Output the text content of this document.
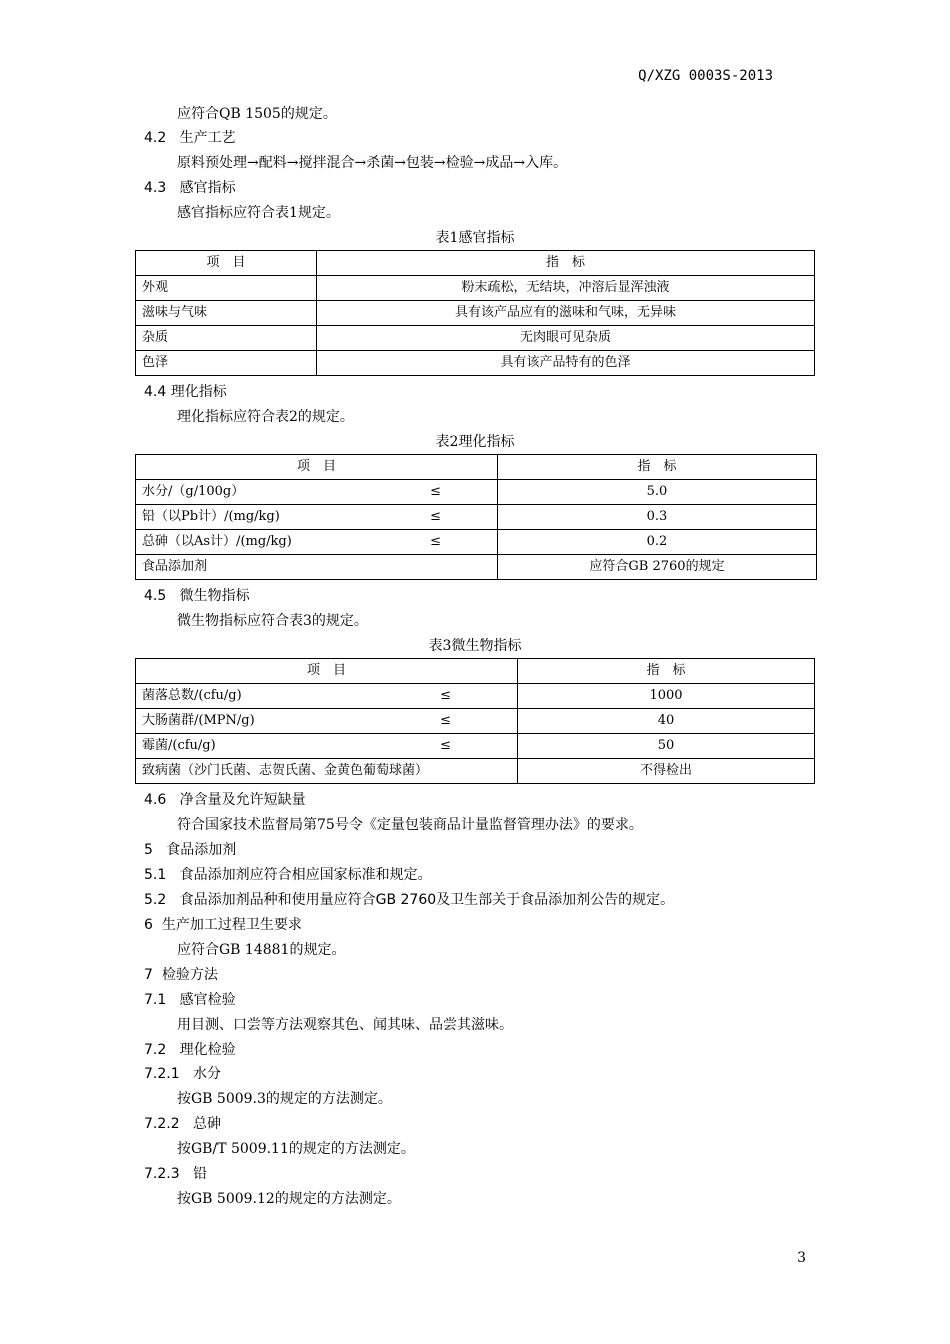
Q/XZG 0003S-2013
应符合QB 1505的规定。
4.2 生产工艺
原料预处理→配料→搅拌混合→杀菌→包装→检验→成品→入库。
4.3 感官指标
感官指标应符合表1规定。
表1感官指标
项　目	指　标
外观	粉末疏松，无结块，冲溶后显浑浊液
滋味与气味	具有该产品应有的滋味和气味，无异味
杂质	无肉眼可见杂质
色泽	具有该产品特有的色泽
4.4 理化指标
理化指标应符合表2的规定。
表2理化指标
项　目	指　标

水分/（g/100g） ≤	5.0

铅（以Pb计）/(mg/kg) ≤	0.3

总砷（以As计）/(mg/kg) ≤	0.2
食品添加剂	应符合GB 2760的规定
4.5 微生物指标
微生物指标应符合表3的规定。
表3微生物指标
项　目	指　标

菌落总数/(cfu/g) ≤	1000

大肠菌群/(MPN/g) ≤	40

霉菌/(cfu/g) ≤	50
致病菌（沙门氏菌、志贺氏菌、金黄色葡萄球菌）	不得检出
4.6 净含量及允许短缺量
符合国家技术监督局第75号令《定量包装商品计量监督管理办法》的要求。
5 食品添加剂
5.1 食品添加剂应符合相应国家标准和规定。
5.2 食品添加剂品种和使用量应符合GB 2760及卫生部关于食品添加剂公告的规定。
6 生产加工过程卫生要求
应符合GB 14881的规定。
7 检验方法
7.1 感官检验
用目测、口尝等方法观察其色、闻其味、品尝其滋味。
7.2 理化检验
7.2.1 水分
按GB 5009.3的规定的方法测定。
7.2.2 总砷
按GB/T 5009.11的规定的方法测定。
7.2.3 铅
按GB 5009.12的规定的方法测定。
3
